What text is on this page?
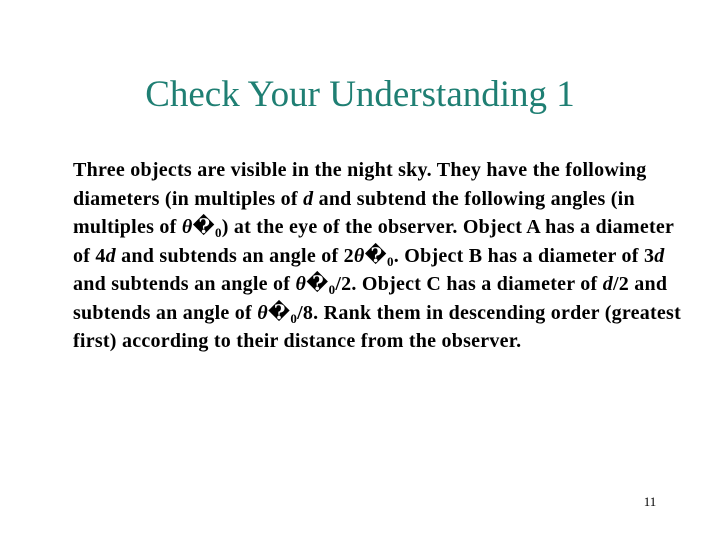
Check Your Understanding 1

Three objects are visible in the night sky. They have the following diameters (in multiples of d and subtend the following angles (in multiples of $\theta�_0$) at the eye of the observer. Object A has a diameter of 4d and subtends an angle of $2\theta�_0$. Object B has a diameter of 3d and subtends an angle of $\theta�_0/2$. Object C has a diameter of d/2 and subtends an angle of $\theta�_0/8$. Rank them in descending order (greatest first) according to their distance from the observer.

11
